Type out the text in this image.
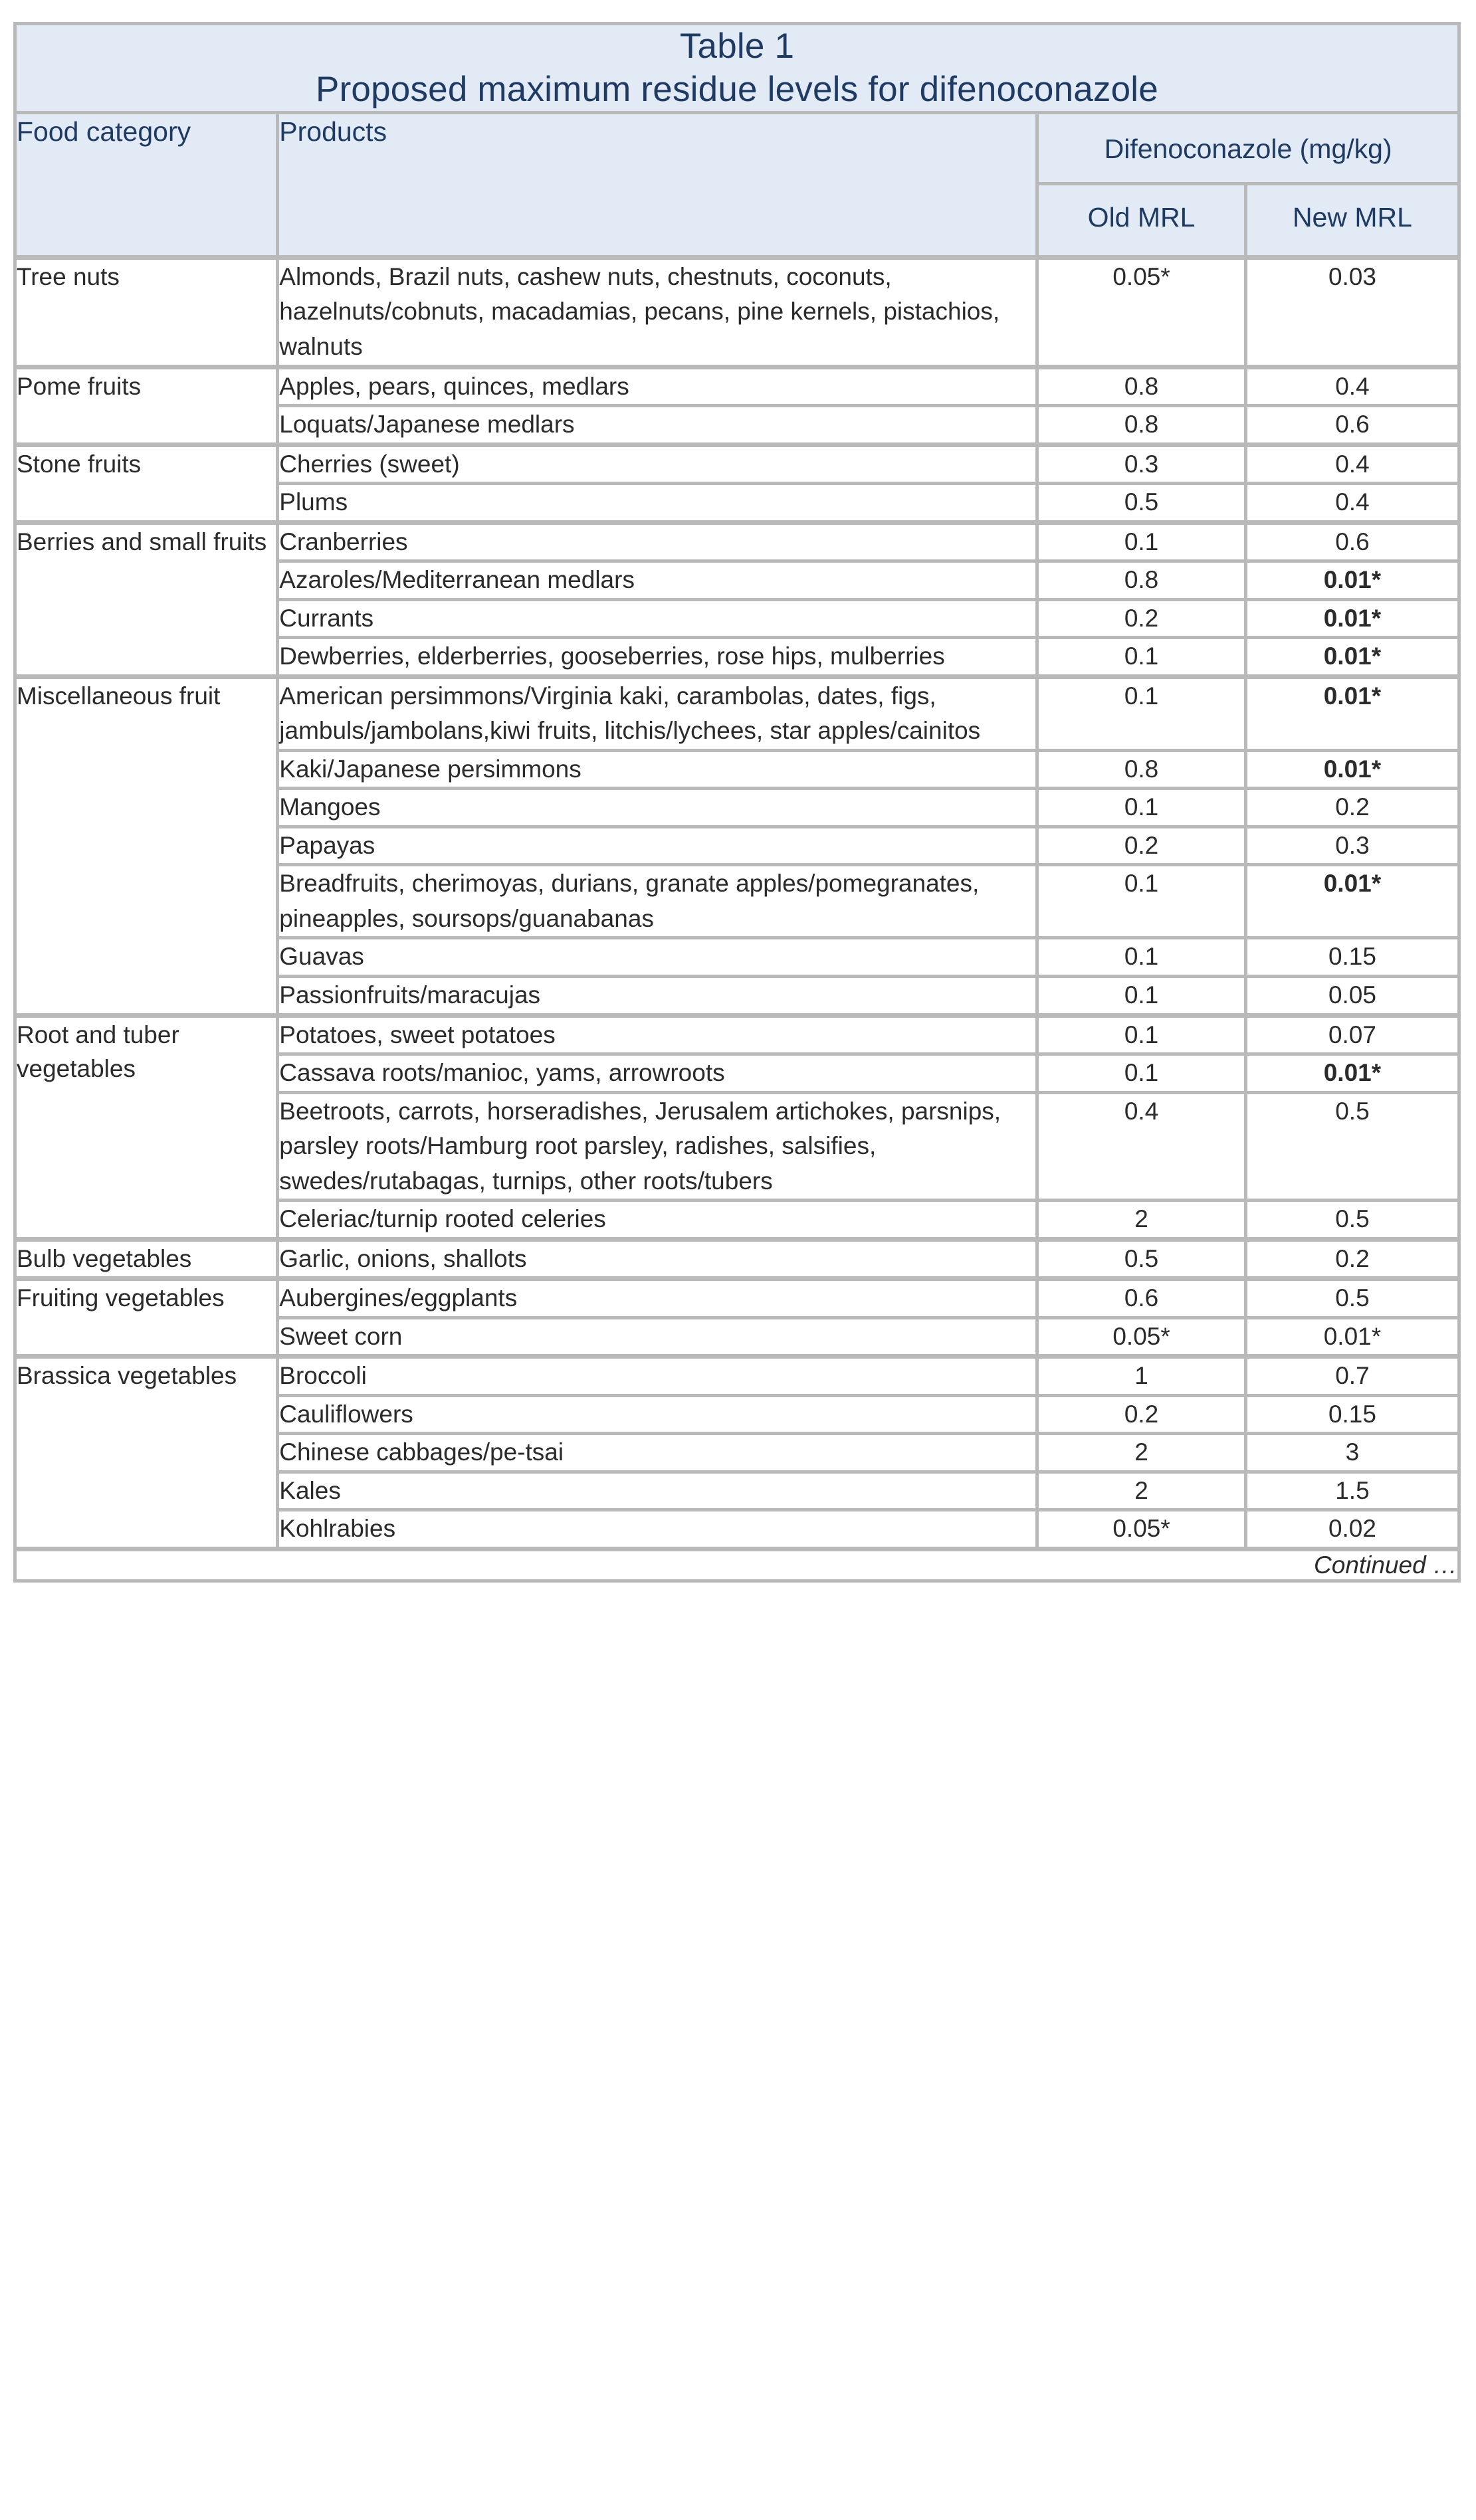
Table 1
Proposed maximum residue levels for difenoconazole			

Food category	Products	Difenoconazole (mg/kg)	
		Old MRL	New MRL
Tree nuts	Almonds, Brazil nuts, cashew nuts, chestnuts, coconuts, hazelnuts/cobnuts, macadamias, pecans, pine kernels, pistachios, walnuts	0.05*	0.03
Pome fruits	Apples, pears, quinces, medlars	0.8	0.4
	Loquats/Japanese medlars	0.8	0.6
Stone fruits	Cherries (sweet)	0.3	0.4
	Plums	0.5	0.4
Berries and small fruits	Cranberries	0.1	0.6
	Azaroles/Mediterranean medlars	0.8	0.01*
	Currants	0.2	0.01*
	Dewberries, elderberries, gooseberries, rose hips, mulberries	0.1	0.01*
Miscellaneous fruit	American persimmons/Virginia kaki, carambolas, dates, figs, jambuls/jambolans,kiwi fruits, litchis/lychees, star apples/cainitos	0.1	0.01*
	Kaki/Japanese persimmons	0.8	0.01*
	Mangoes	0.1	0.2
	Papayas	0.2	0.3
	Breadfruits, cherimoyas, durians, granate apples/pomegranates, pineapples, soursops/guanabanas	0.1	0.01*
	Guavas	0.1	0.15
	Passionfruits/maracujas	0.1	0.05
Root and tuber vegetables	Potatoes, sweet potatoes	0.1	0.07
	Cassava roots/manioc, yams, arrowroots	0.1	0.01*
	Beetroots, carrots, horseradishes, Jerusalem artichokes, parsnips, parsley roots/Hamburg root parsley, radishes, salsifies, swedes/rutabagas, turnips, other roots/tubers	0.4	0.5
	Celeriac/turnip rooted celeries	2	0.5
Bulb vegetables	Garlic, onions, shallots	0.5	0.2
Fruiting vegetables	Aubergines/eggplants	0.6	0.5
	Sweet corn	0.05*	0.01*
Brassica vegetables	Broccoli	1	0.7
	Cauliflowers	0.2	0.15
	Chinese cabbages/pe-tsai	2	3
	Kales	2	1.5
	Kohlrabies	0.05*	0.02
Continued …			
